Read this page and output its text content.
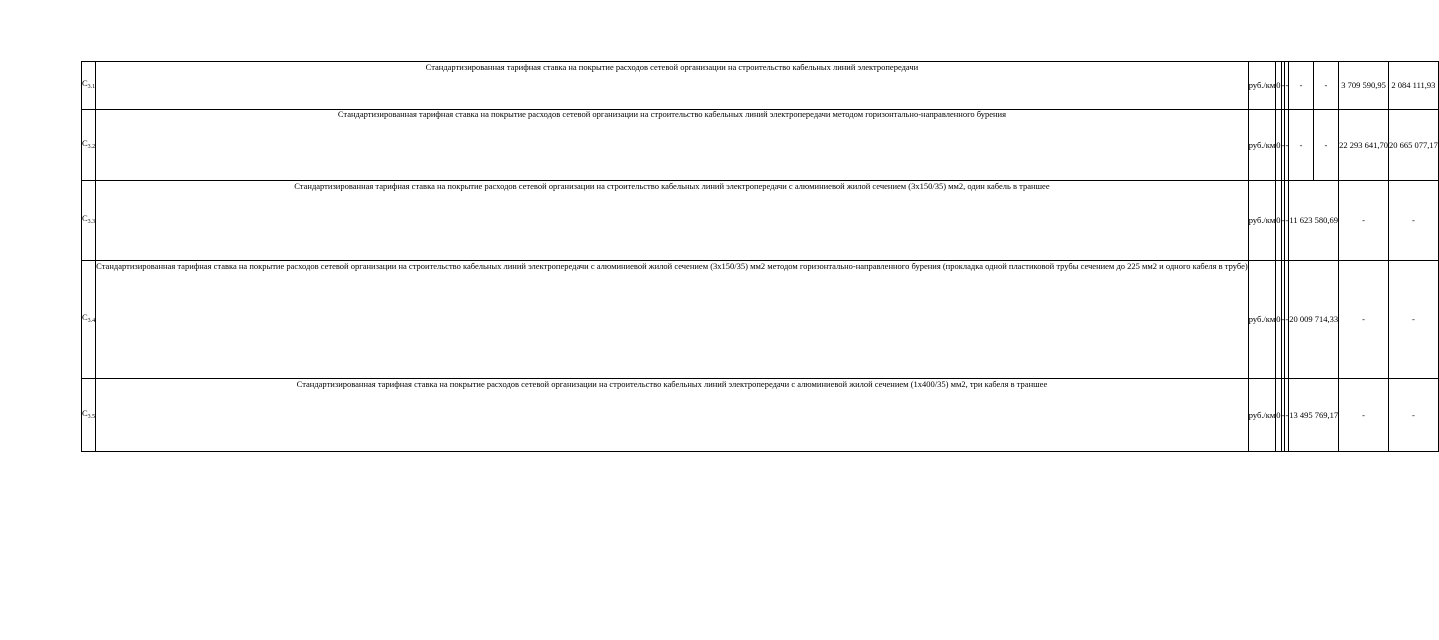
$С_{3.1}$	Стандартизированная тарифная ставка на покрытие расходов сетевой организации на строительство кабельных линий электропередачи	руб./км	0	-	-	-	-	3 709 590,95	2 084 111,93
$С_{3.2}$	Стандартизированная тарифная ставка на покрытие расходов сетевой организации на строительство кабельных линий электропередачи методом горизонтально-направленного бурения	руб./км	0	-	-	-	-	22 293 641,70	20 665 077,17
$С_{3.3}$	Стандартизированная тарифная ставка на покрытие расходов сетевой организации на строительство кабельных линий электропередачи с алюминиевой жилой сечением (3х150/35) мм2, один кабель в траншее	руб./км	0	-	-	11 623 580,69		-	-
$С_{3.4}$	Стандартизированная тарифная ставка на покрытие расходов сетевой организации на строительство кабельных линий электропередачи с алюминиевой жилой сечением (3х150/35) мм2 методом горизонтально-направленного бурения (прокладка одной пластиковой трубы сечением до 225 мм2 и одного кабеля в трубе)	руб./км	0	-	-	20 009 714,33		-	-
$С_{3.5}$	Стандартизированная тарифная ставка на покрытие расходов сетевой организации на строительство кабельных линий электропередачи с алюминиевой жилой сечением (1х400/35) мм2, три кабеля в траншее	руб./км	0	-	-	13 495 769,17		-	-
